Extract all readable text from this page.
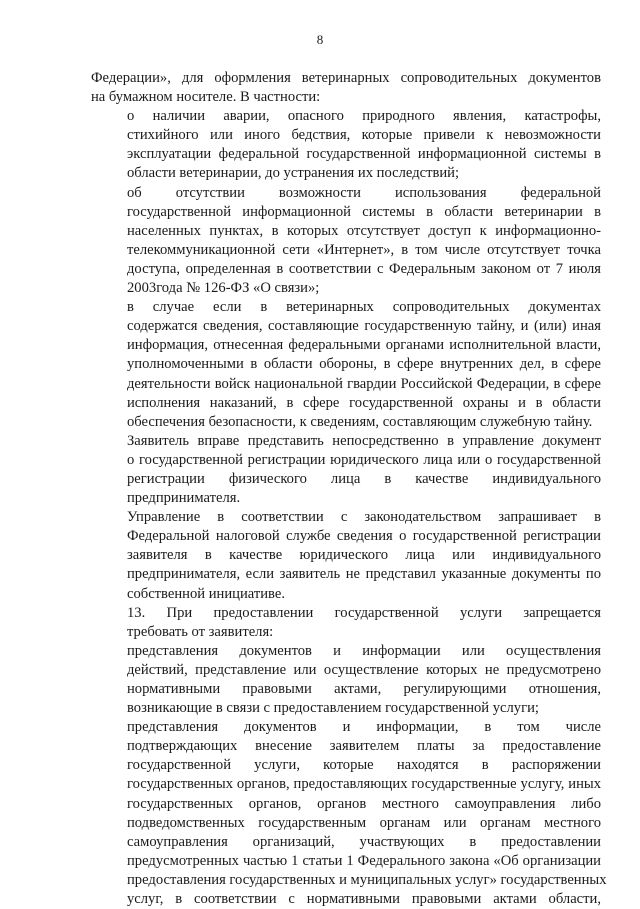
8
Федерации», для оформления ветеринарных сопроводительных документов
на бумажном носителе. В частности:
о наличии аварии, опасного природного явления, катастрофы,
стихийного или иного бедствия, которые привели к невозможности
эксплуатации федеральной государственной информационной системы в
области ветеринарии, до устранения их последствий;
об отсутствии возможности использования федеральной
государственной информационной системы в области ветеринарии в
населенных пунктах, в которых отсутствует доступ к информационно-
телекоммуникационной сети «Интернет», в том числе отсутствует точка
доступа, определенная в соответствии с Федеральным законом от 7 июля
2003года № 126-ФЗ «О связи»;
в случае если в ветеринарных сопроводительных документах
содержатся сведения, составляющие государственную тайну, и (или) иная
информация, отнесенная федеральными органами исполнительной власти,
уполномоченными в области обороны, в сфере внутренних дел, в сфере
деятельности войск национальной гвардии Российской Федерации, в сфере
исполнения наказаний, в сфере государственной охраны и в области
обеспечения безопасности, к сведениям, составляющим служебную тайну.
Заявитель вправе представить непосредственно в управление документ
о государственной регистрации юридического лица или о государственной
регистрации физического лица в качестве индивидуального
предпринимателя.
Управление в соответствии с законодательством запрашивает в
Федеральной налоговой службе сведения о государственной регистрации
заявителя в качестве юридического лица или индивидуального
предпринимателя, если заявитель не представил указанные документы по
собственной инициативе.
13. При предоставлении государственной услуги запрещается
требовать от заявителя:
представления документов и информации или осуществления
действий, представление или осуществление которых не предусмотрено
нормативными правовыми актами, регулирующими отношения,
возникающие в связи с предоставлением государственной услуги;
представления документов и информации, в том числе
подтверждающих внесение заявителем платы за предоставление
государственной услуги, которые находятся в распоряжении
государственных органов, предоставляющих государственные услугу, иных
государственных органов, органов местного самоуправления либо
подведомственных государственным органам или органам местного
самоуправления организаций, участвующих в предоставлении
предусмотренных частью 1 статьи 1 Федерального закона «Об организации
предоставления государственных и муниципальных услуг» государственных
услуг, в соответствии с нормативными правовыми актами области,
